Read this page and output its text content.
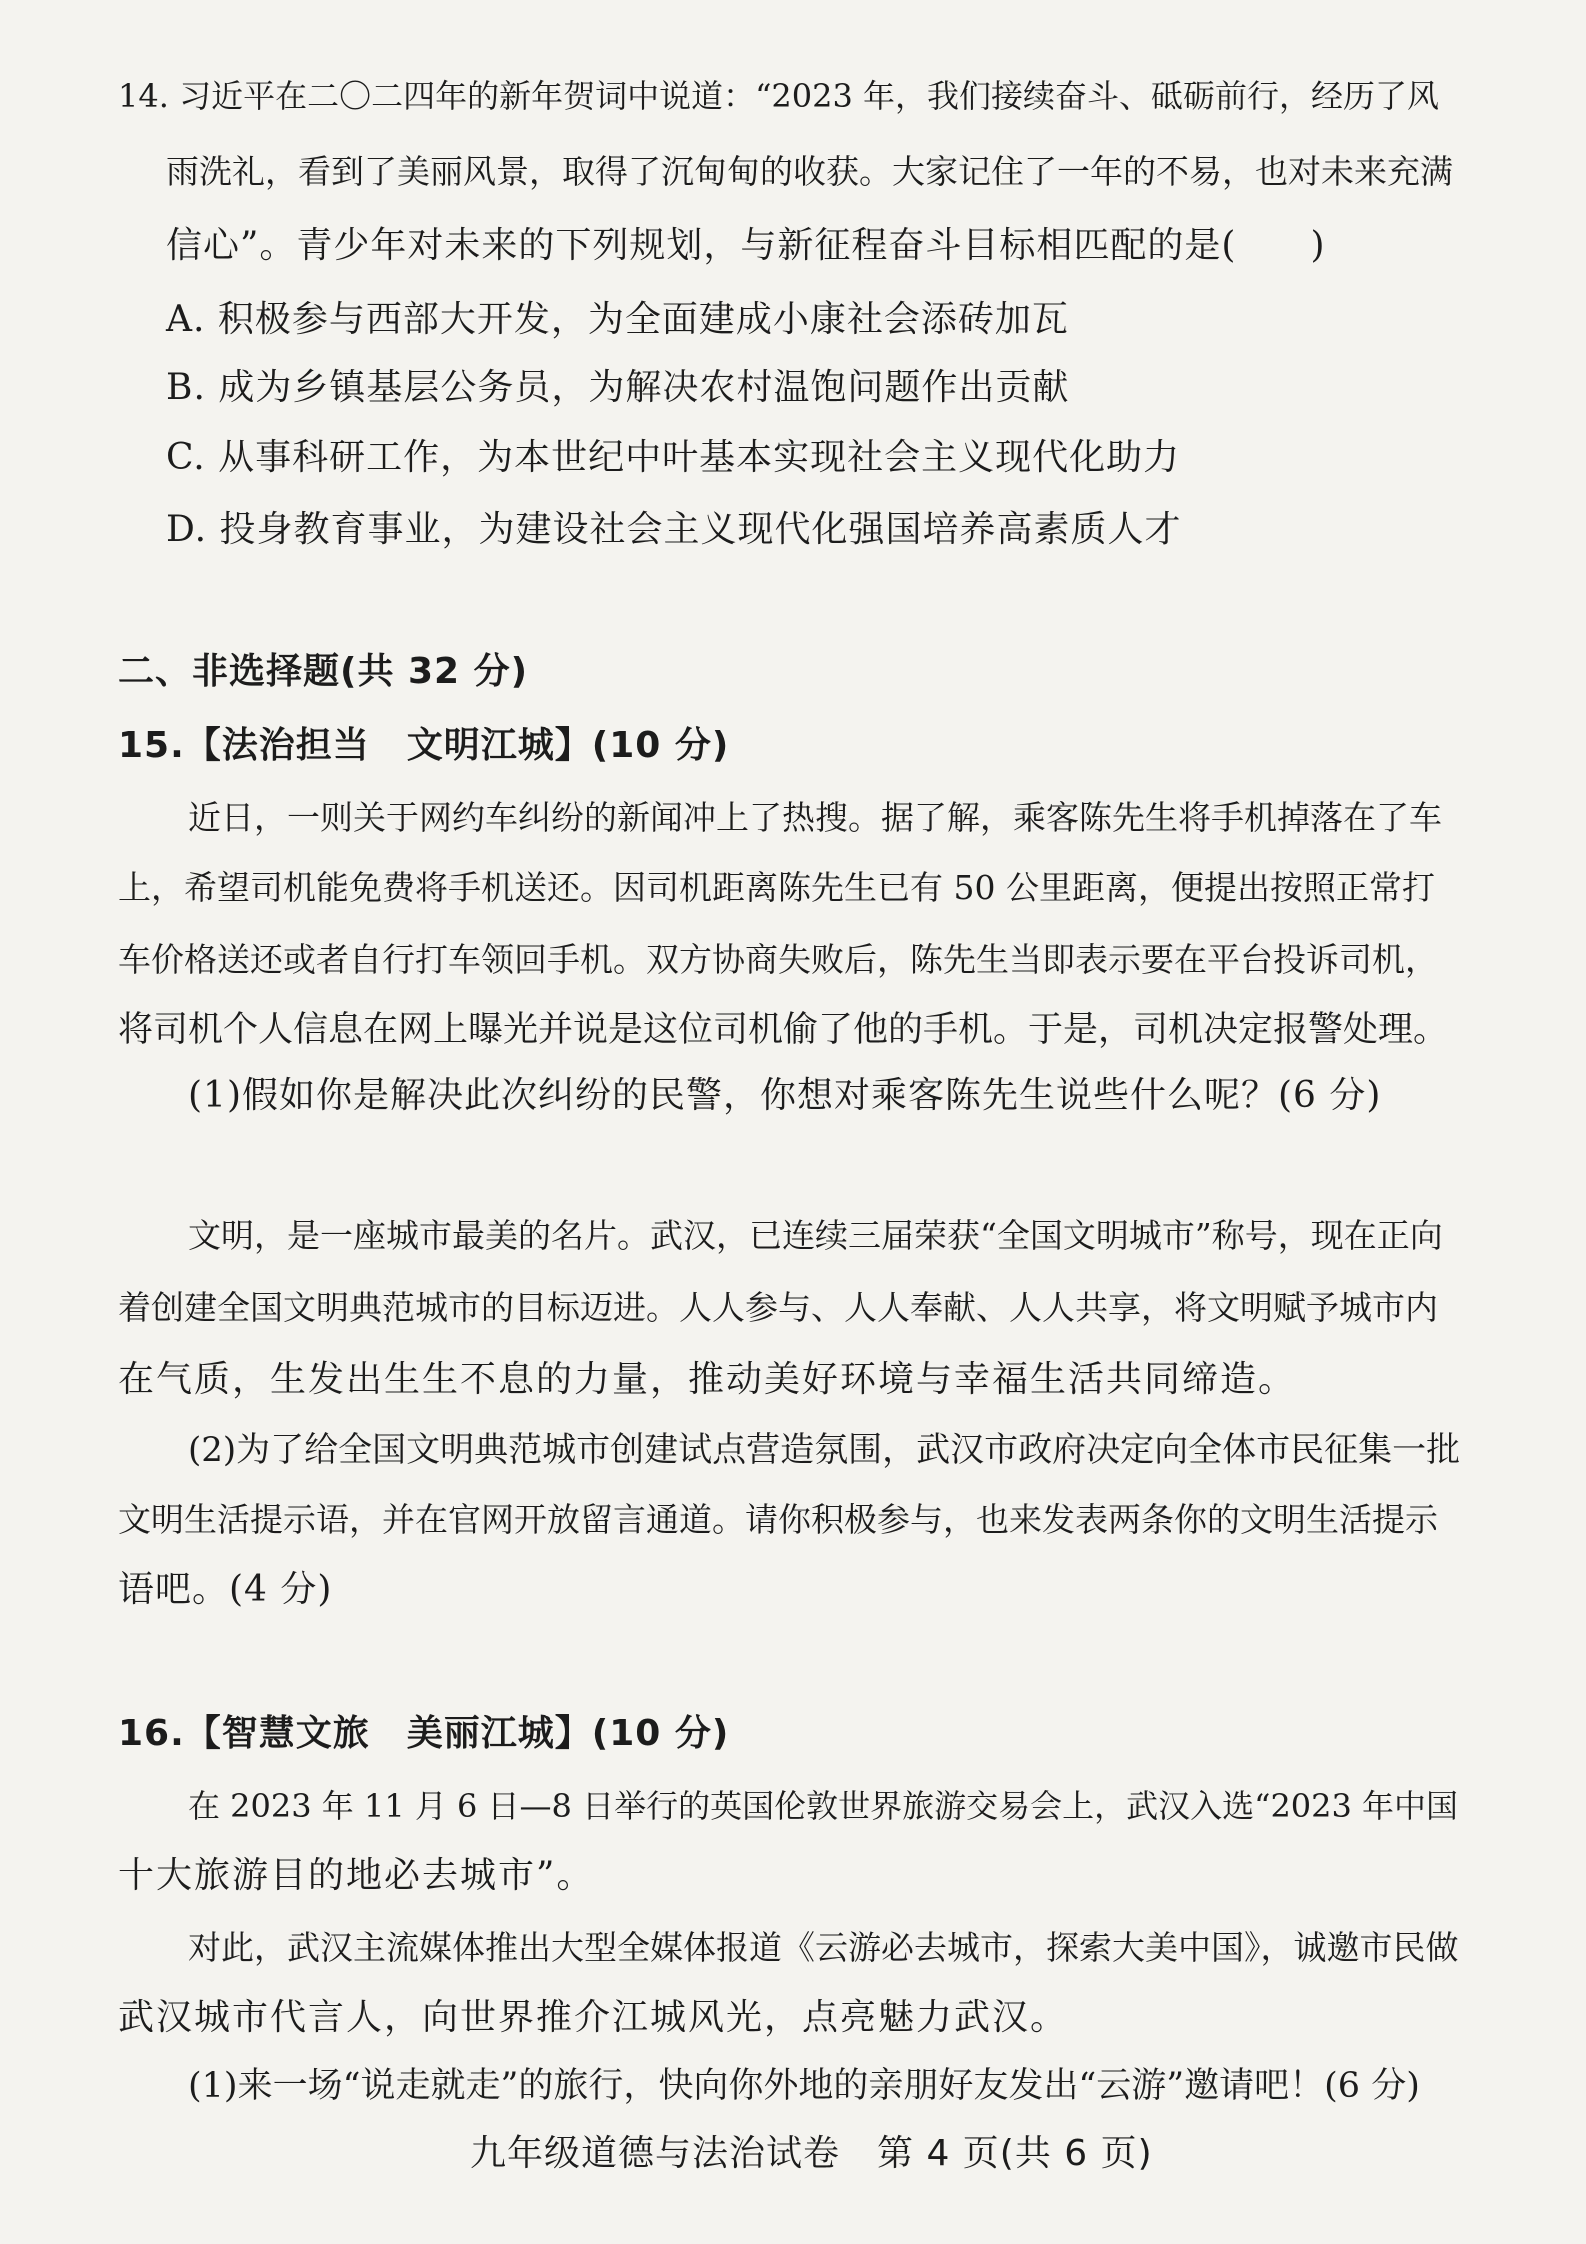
14. 习近平在二〇二四年的新年贺词中说道：“2023 年，我们接续奋斗、砥砺前行，经历了风
雨洗礼，看到了美丽风景，取得了沉甸甸的收获。大家记住了一年的不易，也对未来充满
信心”。青少年对未来的下列规划，与新征程奋斗目标相匹配的是(　　)
A. 积极参与西部大开发，为全面建成小康社会添砖加瓦
B. 成为乡镇基层公务员，为解决农村温饱问题作出贡献
C. 从事科研工作，为本世纪中叶基本实现社会主义现代化助力
D. 投身教育事业，为建设社会主义现代化强国培养高素质人才
二、非选择题(共 32 分)
15.【法治担当　文明江城】(10 分)
近日，一则关于网约车纠纷的新闻冲上了热搜。据了解，乘客陈先生将手机掉落在了车
上，希望司机能免费将手机送还。因司机距离陈先生已有 50 公里距离，便提出按照正常打
车价格送还或者自行打车领回手机。双方协商失败后，陈先生当即表示要在平台投诉司机，
将司机个人信息在网上曝光并说是这位司机偷了他的手机。于是，司机决定报警处理。
(1)假如你是解决此次纠纷的民警，你想对乘客陈先生说些什么呢？(6 分)
文明，是一座城市最美的名片。武汉，已连续三届荣获“全国文明城市”称号，现在正向
着创建全国文明典范城市的目标迈进。人人参与、人人奉献、人人共享，将文明赋予城市内
在气质，生发出生生不息的力量，推动美好环境与幸福生活共同缔造。
(2)为了给全国文明典范城市创建试点营造氛围，武汉市政府决定向全体市民征集一批
文明生活提示语，并在官网开放留言通道。请你积极参与，也来发表两条你的文明生活提示
语吧。(4 分)
16.【智慧文旅　美丽江城】(10 分)
在 2023 年 11 月 6 日—8 日举行的英国伦敦世界旅游交易会上，武汉入选“2023 年中国
十大旅游目的地必去城市”。
对此，武汉主流媒体推出大型全媒体报道《云游必去城市，探索大美中国》，诚邀市民做
武汉城市代言人，向世界推介江城风光，点亮魅力武汉。
(1)来一场“说走就走”的旅行，快向你外地的亲朋好友发出“云游”邀请吧！(6 分)
九年级道德与法治试卷　第 4 页(共 6 页)
